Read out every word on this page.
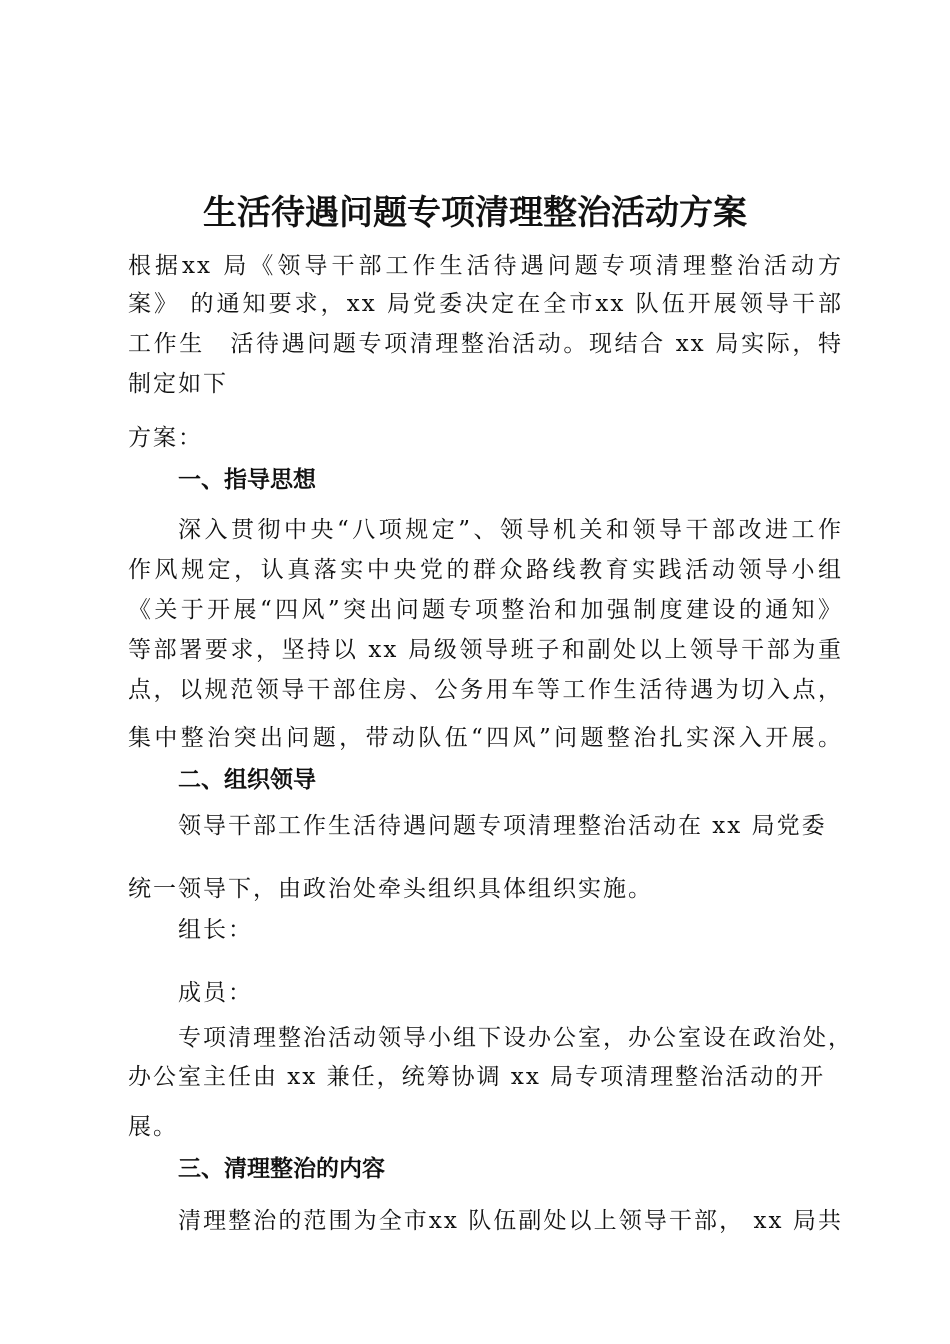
生活待遇问题专项清理整治活动方案
根据xx 局《领导干部工作生活待遇问题专项清理整治活动方
案》 的通知要求，xx 局党委决定在全市xx 队伍开展领导干部
工作生　活待遇问题专项清理整治活动。现结合 xx 局实际，特
制定如下
方案：
一、指导思想
深入贯彻中央“八项规定”、领导机关和领导干部改进工作
作风规定，认真落实中央党的群众路线教育实践活动领导小组
《关于开展“四风”突出问题专项整治和加强制度建设的通知》
等部署要求，坚持以 xx 局级领导班子和副处以上领导干部为重
点，以规范领导干部住房、公务用车等工作生活待遇为切入点，
集中整治突出问题，带动队伍“四风”问题整治扎实深入开展。
二、组织领导
领导干部工作生活待遇问题专项清理整治活动在 xx 局党委
统一领导下，由政治处牵头组织具体组织实施。
组长：
成员：
专项清理整治活动领导小组下设办公室，办公室设在政治处，
办公室主任由 xx 兼任，统筹协调 xx 局专项清理整治活动的开
展。
三、清理整治的内容
清理整治的范围为全市xx 队伍副处以上领导干部， xx 局共
